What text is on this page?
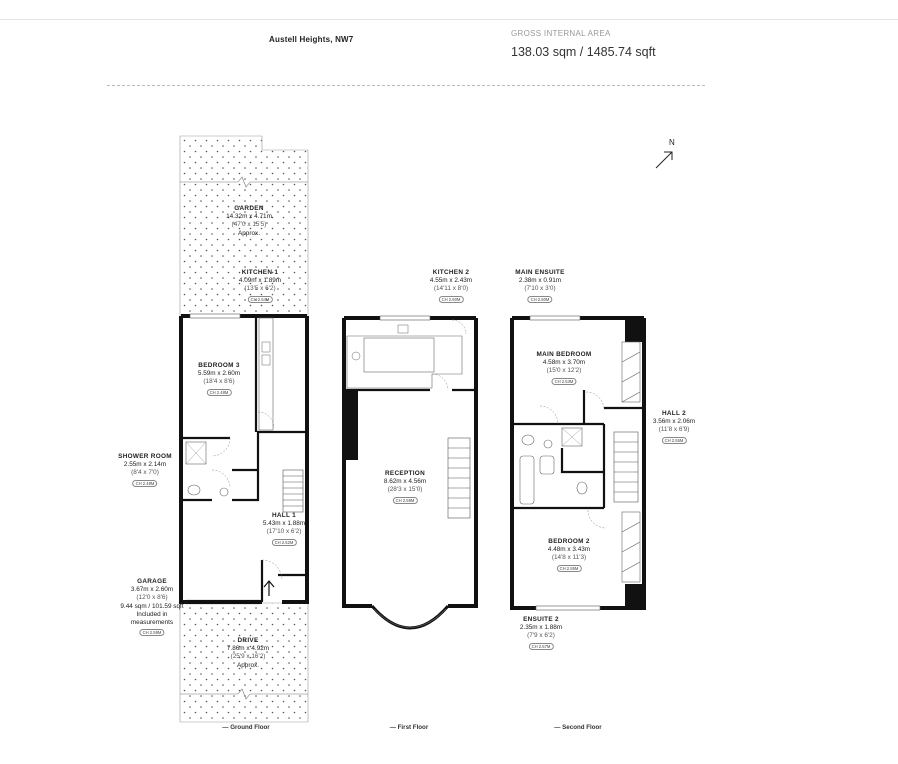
Austell Heights, NW7
GROSS INTERNAL AREA
138.03 sqm / 1485.74 sqft
N
GARDEN
14.32m x 4.71m
(47'0 x 15'5)
Approx.
KITCHEN 1
4.09m x 1.89m
(13'5 x 6'2)
CH 2.54M
BEDROOM 3
5.59m x 2.60m
(18'4 x 8'6)
CH 2.48M
SHOWER ROOM
2.55m x 2.14m
(8'4 x 7'0)
CH 2.48M
HALL 1
5.43m x 1.88m
(17'10 x 6'2)
CH 2.52M
GARAGE
3.67m x 2.60m
(12'0 x 8'6)
9.44 sqm / 101.59 sqft
Included in
measurements
CH 2.59M
DRIVE
7.86m x 4.92m
(25'9 x 16'2)
Approx.
KITCHEN 2
4.55m x 2.43m
(14'11 x 8'0)
CH 2.60M
RECEPTION
8.62m x 4.56m
(28'3 x 15'0)
CH 2.59M
MAIN ENSUITE
2.38m x 0.91m
(7'10 x 3'0)
CH 2.50M
MAIN BEDROOM
4.58m x 3.70m
(15'0 x 12'2)
CH 2.53M
HALL 2
3.56m x 2.06m
(11'8 x 6'9)
CH 2.55M
BEDROOM 2
4.48m x 3.43m
(14'8 x 11'3)
CH 2.55M
ENSUITE 2
2.35m x 1.88m
(7'9 x 6'2)
CH 2.57M
— Ground Floor	— First Floor	— Second Floor
